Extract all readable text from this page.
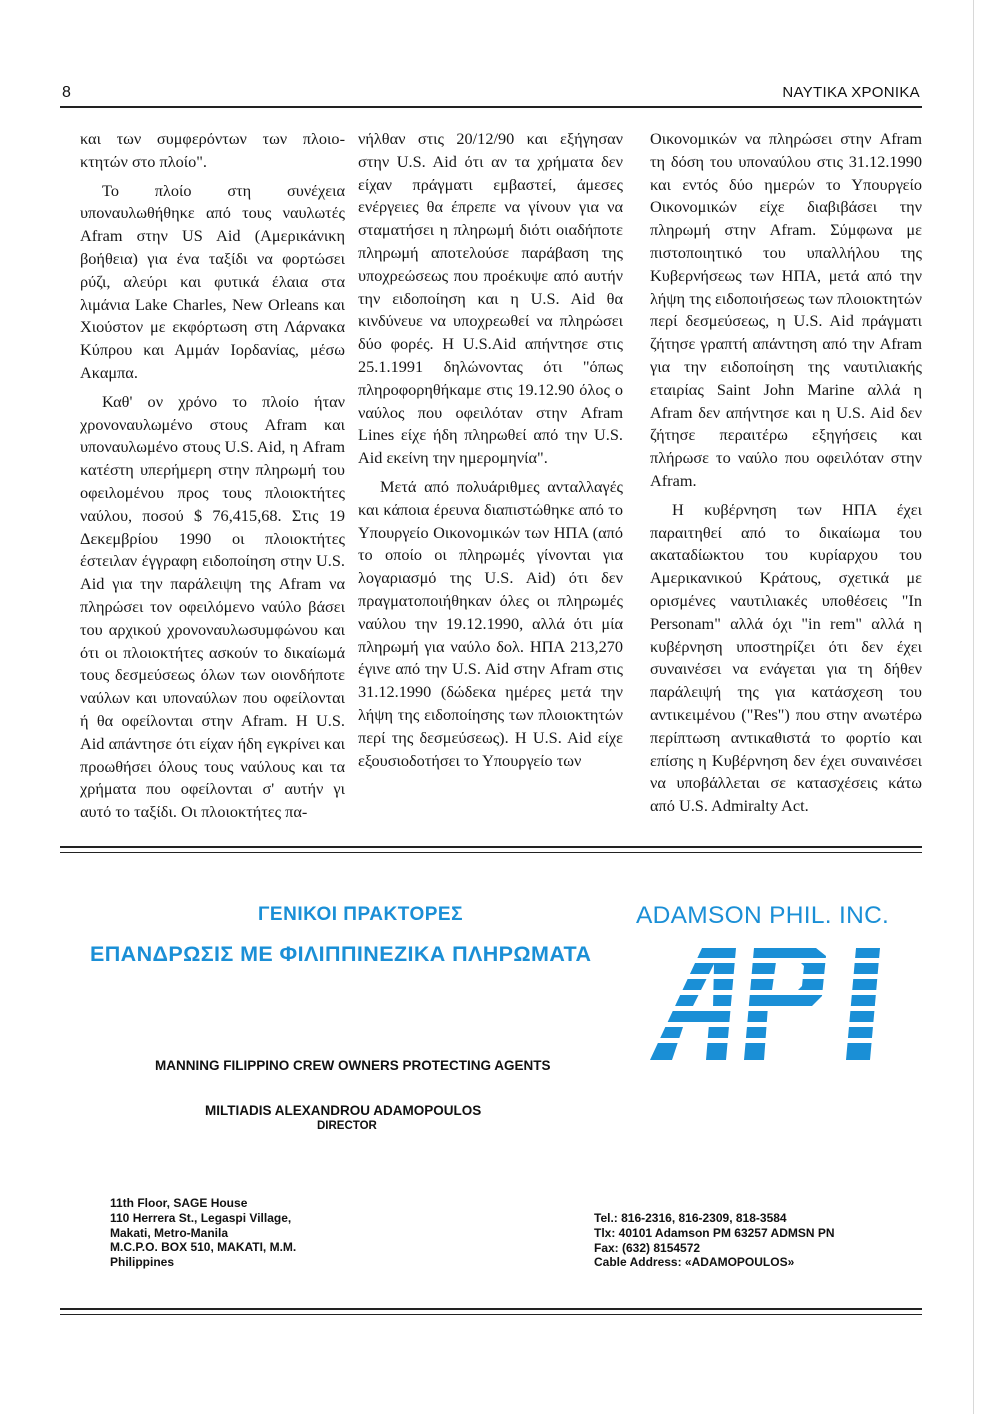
8	ΝΑΥΤΙΚΑ ΧΡΟΝΙΚΑ

και των συμφερόντων των πλοιο-κτητών στο πλοίο".

Το πλοίο στη συνέχεια υποναυλωθήθηκε από τους ναυλωτές Afram στην US Aid (Αμερικάνικη βοήθεια) για ένα ταξίδι να φορτώσει ρύζι, αλεύρι και φυτικά έλαια στα λιμάνια Lake Charles, New Orleans και Χιούστον με εκφόρτωση στη Λάρνακα Κύπρου και Αμμάν Ιορδανίας, μέσω Ακαμπα.

Καθ' ον χρόνο το πλοίο ήταν χρονοναυλωμένο στους Afram και υποναυλωμένο στους U.S. Aid, η Afram κατέστη υπερήμερη στην πληρωμή του οφειλομένου προς τους πλοιοκτήτες ναύλου, ποσού $ 76,415,68. Στις 19 Δεκεμβρίου 1990 οι πλοιοκτήτες έστειλαν έγγραφη ειδοποίηση στην U.S. Aid για την παράλειψη της Afram να πληρώσει τον οφειλόμενο ναύλο βάσει του αρχικού χρονοναυλωσυμφώνου και ότι οι πλοιοκτήτες ασκούν το δικαίωμά τους δεσμεύσεως όλων των οιονδήποτε ναύλων και υποναύλων που οφείλονται ή θα οφείλονται στην Afram. Η U.S. Aid απάντησε ότι είχαν ήδη εγκρίνει και προωθήσει όλους τους ναύλους και τα χρήματα που οφείλονται σ' αυτήν γι αυτό το ταξίδι. Οι πλοιοκτήτες πα-

νήλθαν στις 20/12/90 και εξήγησαν στην U.S. Aid ότι αν τα χρήματα δεν είχαν πράγματι εμβαστεί, άμεσες ενέργειες θα έπρεπε να γίνουν για να σταματήσει η πληρωμή διότι οιαδήποτε πληρωμή αποτελούσε παράβαση της υποχρεώσεως που προέκυψε από αυτήν την ειδοποίηση και η U.S. Aid θα κινδύνευε να υποχρεωθεί να πληρώσει δύο φορές. Η U.S.Aid απήντησε στις 25.1.1991 δηλώνοντας ότι "όπως πληροφορηθήκαμε στις 19.12.90 όλος ο ναύλος που οφειλόταν στην Afram Lines είχε ήδη πληρωθεί από την U.S. Aid εκείνη την ημερομηνία".

Μετά από πολυάριθμες ανταλλαγές και κάποια έρευνα διαπιστώθηκε από το Υπουργείο Οικονομικών των ΗΠΑ (από το οποίο οι πληρωμές γίνονται για λογαριασμό της U.S. Aid) ότι δεν πραγματοποιήθηκαν όλες οι πληρωμές ναύλου την 19.12.1990, αλλά ότι μία πληρωμή για ναύλο δολ. ΗΠΑ 213,270 έγινε από την U.S. Aid στην Afram στις 31.12.1990 (δώδεκα ημέρες μετά την λήψη της ειδοποίησης των πλοιοκτητών περί της δεσμεύσεως). Η U.S. Aid είχε εξουσιοδοτήσει το Υπουργείο των

Οικονομικών να πληρώσει στην Afram τη δόση του υποναύλου στις 31.12.1990 και εντός δύο ημερών το Υπουργείο Οικονομικών είχε διαβιβάσει την πληρωμή στην Afram. Σύμφωνα με πιστοποιητικό του υπαλλήλου της Κυβερνήσεως των ΗΠΑ, μετά από την λήψη της ειδοποιήσεως των πλοιοκτητών περί δεσμεύσεως, η U.S. Aid πράγματι ζήτησε γραπτή απάντηση από την Afram για την ειδοποίηση της ναυτιλιακής εταιρίας Saint John Marine αλλά η Afram δεν απήντησε και η U.S. Aid δεν ζήτησε περαιτέρω εξηγήσεις και πλήρωσε το ναύλο που οφειλόταν στην Afram.

Η κυβέρνηση των ΗΠΑ έχει παραιτηθεί από το δικαίωμα του ακαταδίωκτου του κυρίαρχου του Αμερικανικού Κράτους, σχετικά με ορισμένες ναυτιλιακές υποθέσεις "In Personam" αλλά όχι "in rem" αλλά η κυβέρνηση υποστηρίζει ότι δεν έχει συναινέσει να ενάγεται για τη δήθεν παράλειψή της για κατάσχεση του αντικειμένου ("Res") που στην ανωτέρω περίπτωση αντικαθιστά το φορτίο και επίσης η Κυβέρνηση δεν έχει συναινέσει να υποβάλλεται σε κατασχέσεις κάτω από U.S. Admiralty Act.

ΓΕΝΙΚΟΙ ΠΡΑΚΤΟΡΕΣ
ΕΠΑΝΔΡΩΣΙΣ ΜΕ ΦΙΛΙΠΠΙΝΕΖΙΚΑ ΠΛΗΡΩΜΑΤΑ
ADAMSON PHIL. INC.
MANNING FILIPPINO CREW OWNERS PROTECTING AGENTS
MILTIADIS ALEXANDROU ADAMOPOULOS
DIRECTOR
11th Floor, SAGE House
110 Herrera St., Legaspi Village,
Makati, Metro-Manila
M.C.P.O. BOX 510, MAKATI, M.M.
Philippines
Tel.: 816-2316, 816-2309, 818-3584
Tlx: 40101 Adamson PM 63257 ADMSN PN
Fax: (632) 8154572
Cable Address: «ADAMOPOULOS»
